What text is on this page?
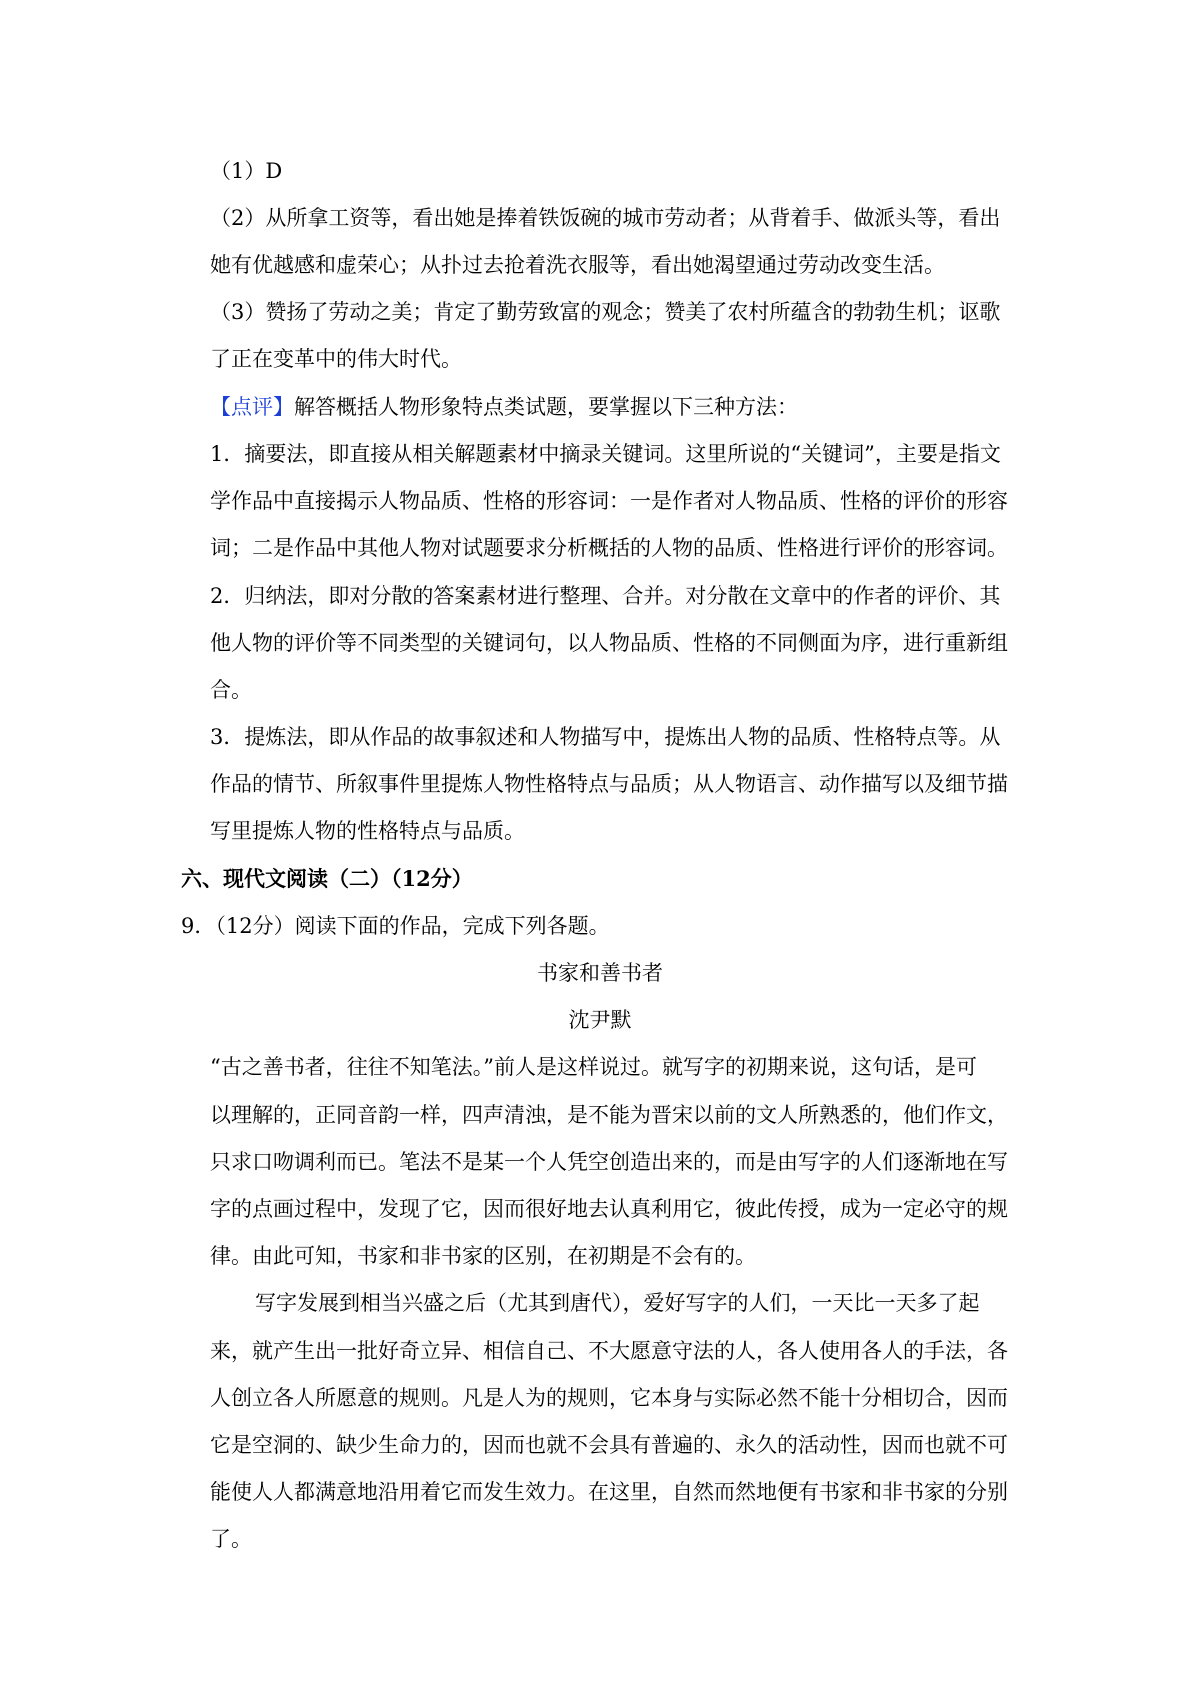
（1）D
（2）从所拿工资等，看出她是捧着铁饭碗的城市劳动者；从背着手、做派头等，看出
她有优越感和虚荣心；从扑过去抢着洗衣服等，看出她渴望通过劳动改变生活。
（3）赞扬了劳动之美；肯定了勤劳致富的观念；赞美了农村所蕴含的勃勃生机；讴歌
了正在变革中的伟大时代。
【点评】解答概括人物形象特点类试题，要掌握以下三种方法：
1．摘要法，即直接从相关解题素材中摘录关键词。这里所说的“关键词”，主要是指文
学作品中直接揭示人物品质、性格的形容词：一是作者对人物品质、性格的评价的形容
词；二是作品中其他人物对试题要求分析概括的人物的品质、性格进行评价的形容词。
2．归纳法，即对分散的答案素材进行整理、合并。对分散在文章中的作者的评价、其
他人物的评价等不同类型的关键词句，以人物品质、性格的不同侧面为序，进行重新组
合。
3．提炼法，即从作品的故事叙述和人物描写中，提炼出人物的品质、性格特点等。从
作品的情节、所叙事件里提炼人物性格特点与品质；从人物语言、动作描写以及细节描
写里提炼人物的性格特点与品质。
六、现代文阅读（二）（12分）
9．（12分）阅读下面的作品，完成下列各题。
书家和善书者
沈尹默
“古之善书者，往往不知笔法。”前人是这样说过。就写字的初期来说，这句话，是可
以理解的，正同音韵一样，四声清浊，是不能为晋宋以前的文人所熟悉的，他们作文，
只求口吻调利而已。笔法不是某一个人凭空创造出来的，而是由写字的人们逐渐地在写
字的点画过程中，发现了它，因而很好地去认真利用它，彼此传授，成为一定必守的规
律。由此可知，书家和非书家的区别，在初期是不会有的。
写字发展到相当兴盛之后（尤其到唐代），爱好写字的人们，一天比一天多了起
来，就产生出一批好奇立异、相信自己、不大愿意守法的人，各人使用各人的手法，各
人创立各人所愿意的规则。凡是人为的规则，它本身与实际必然不能十分相切合，因而
它是空洞的、缺少生命力的，因而也就不会具有普遍的、永久的活动性，因而也就不可
能使人人都满意地沿用着它而发生效力。在这里，自然而然地便有书家和非书家的分别
了。
